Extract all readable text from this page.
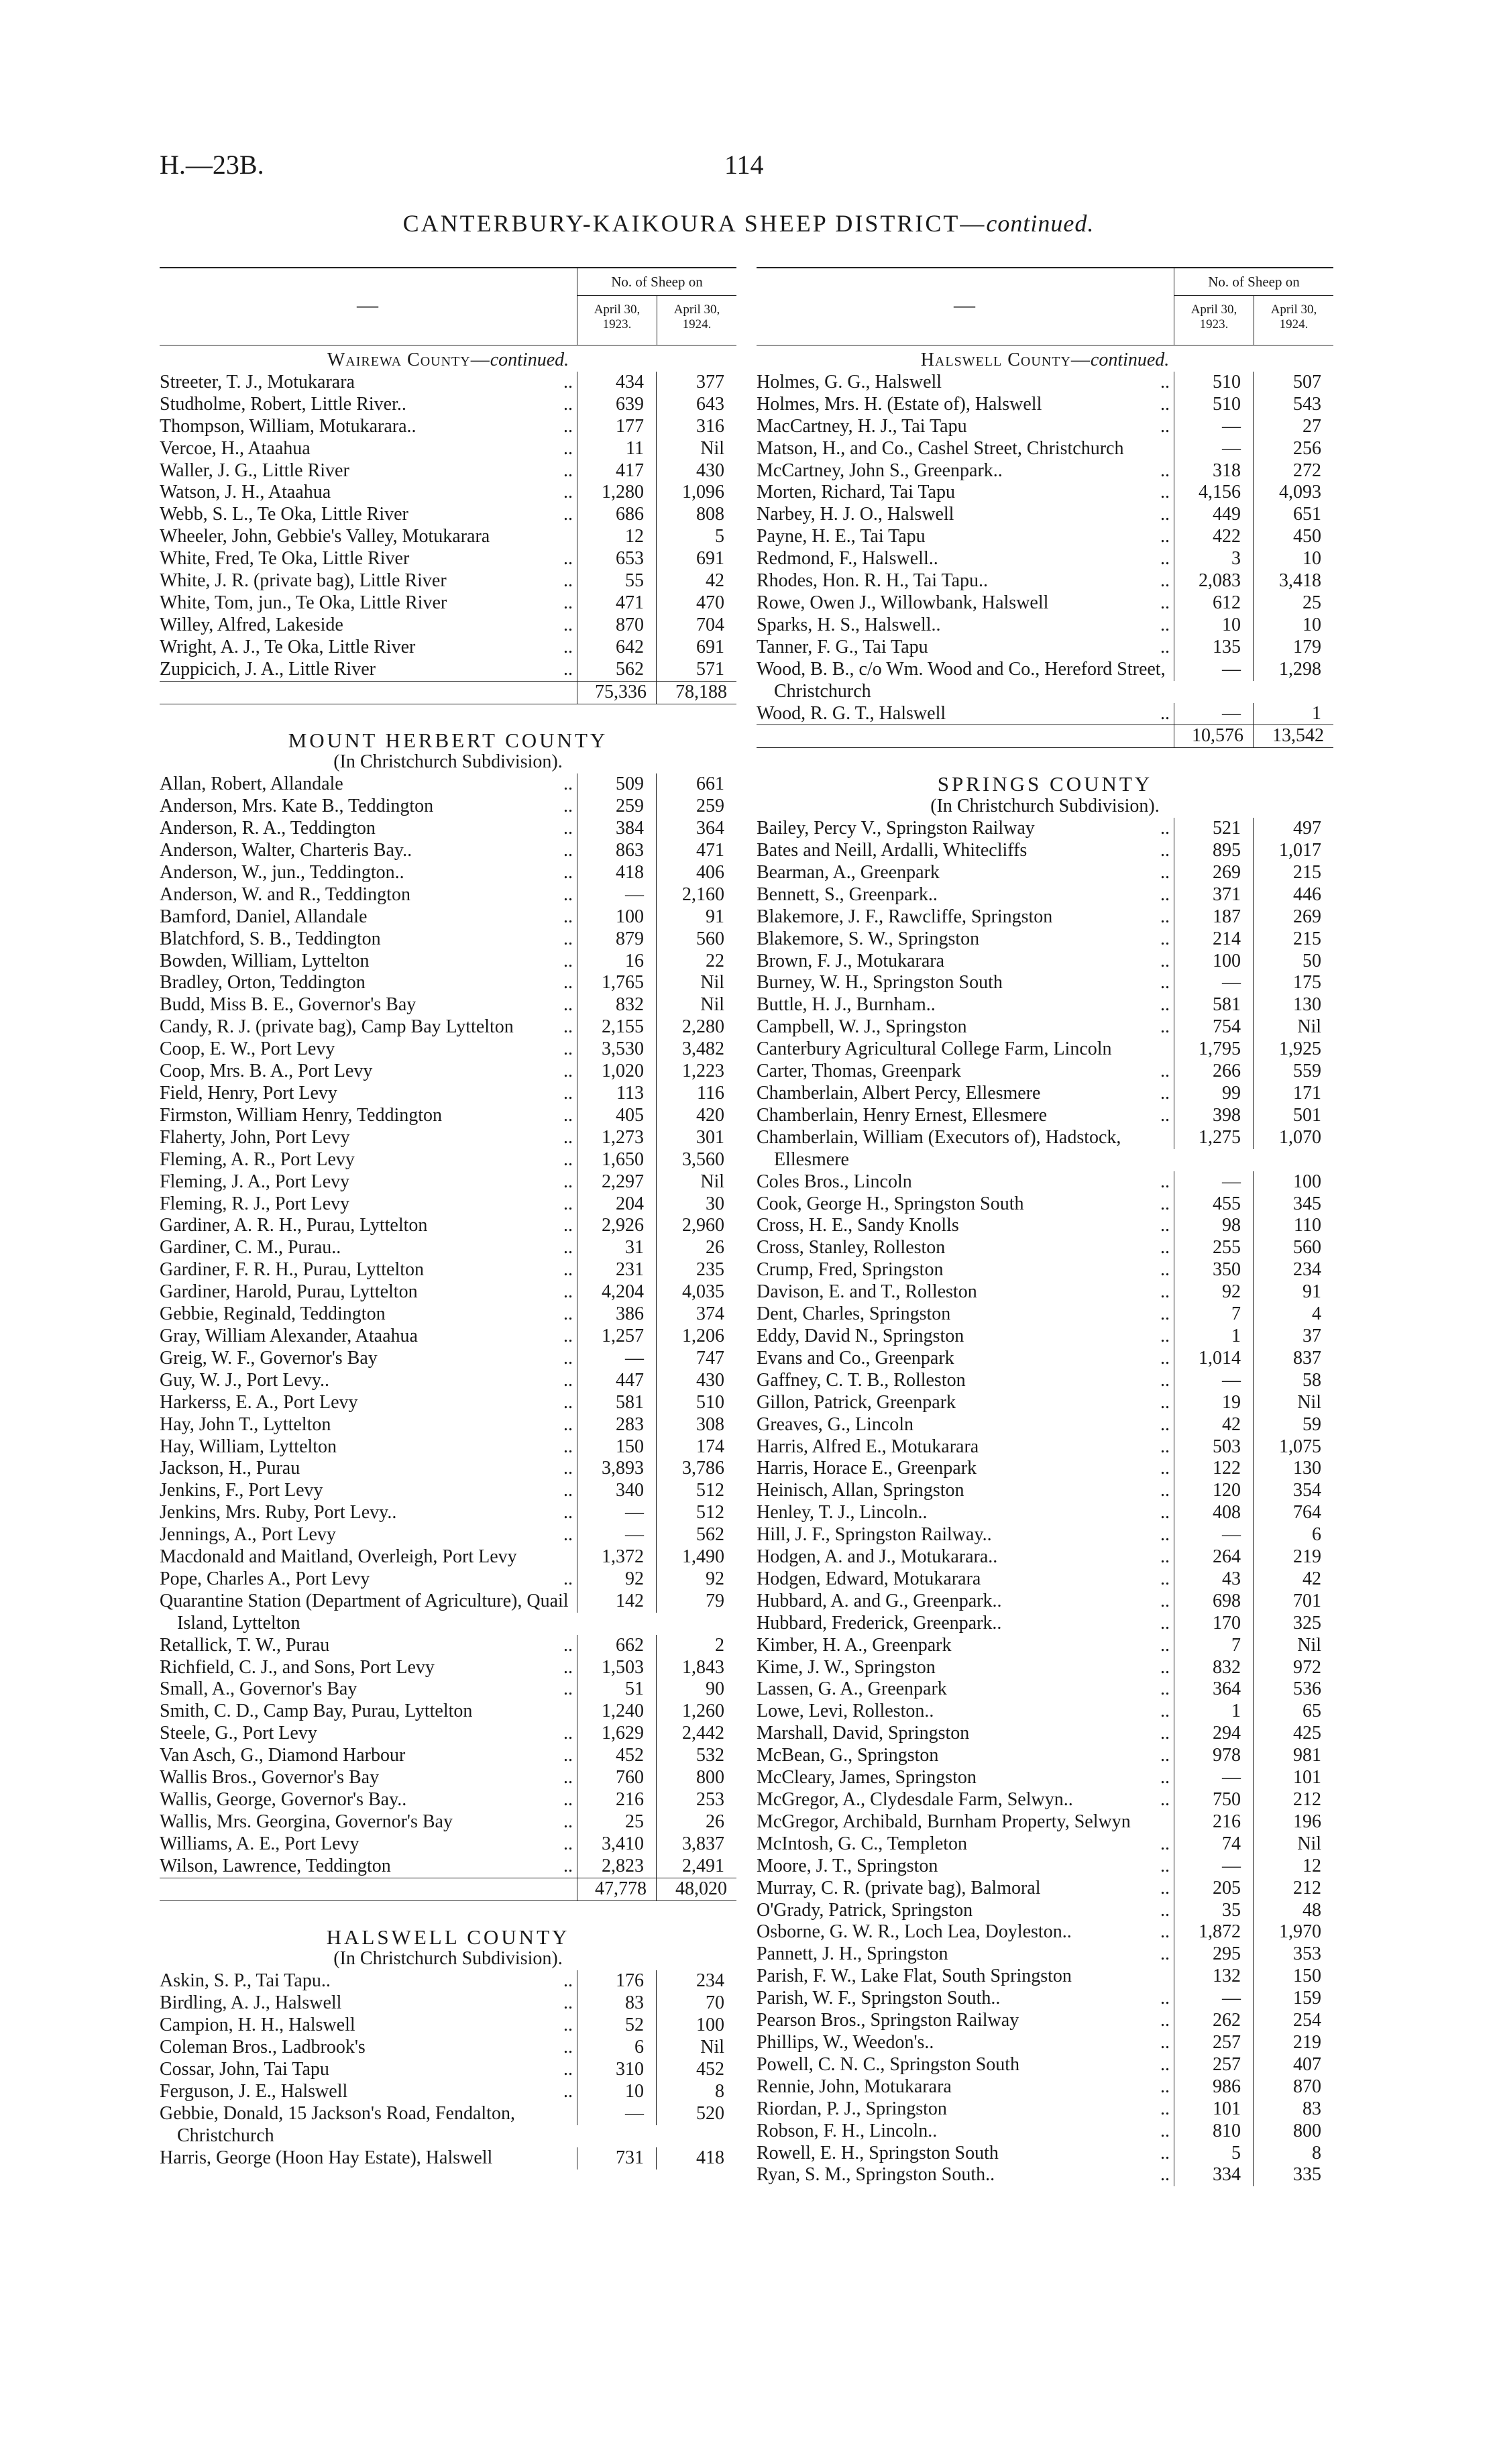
H.—23B.	114
CANTERBURY-KAIKOURA SHEEP DISTRICT—continued.
—
No. of Sheep on
April 30,
1923.
April 30,
1924.
Wairewa County—continued.
Streeter, T. J., Motukarara	..	434	377
Studholme, Robert, Little River..	..	639	643
Thompson, William, Motukarara..	..	177	316
Vercoe, H., Ataahua	..	11	Nil
Waller, J. G., Little River	..	417	430
Watson, J. H., Ataahua	..	1,280	1,096
Webb, S. L., Te Oka, Little River	..	686	808
Wheeler, John, Gebbie's Valley, Motukarara	12	5
White, Fred, Te Oka, Little River	..	653	691
White, J. R. (private bag), Little River	..	55	42
White, Tom, jun., Te Oka, Little River	..	471	470
Willey, Alfred, Lakeside	..	870	704
Wright, A. J., Te Oka, Little River	..	642	691
Zuppicich, J. A., Little River	..	562	571
75,336	78,188
MOUNT HERBERT COUNTY
(In Christchurch Subdivision).
Allan, Robert, Allandale	..	509	661
Anderson, Mrs. Kate B., Teddington	..	259	259
Anderson, R. A., Teddington	..	384	364
Anderson, Walter, Charteris Bay..	..	863	471
Anderson, W., jun., Teddington..	..	418	406
Anderson, W. and R., Teddington	..	—	2,160
Bamford, Daniel, Allandale	..	100	91
Blatchford, S. B., Teddington	..	879	560
Bowden, William, Lyttelton	..	16	22
Bradley, Orton, Teddington	..	1,765	Nil
Budd, Miss B. E., Governor's Bay	..	832	Nil
Candy, R. J. (private bag), Camp Bay Lyttelton	..	2,155	2,280
Coop, E. W., Port Levy	..	3,530	3,482
Coop, Mrs. B. A., Port Levy	..	1,020	1,223
Field, Henry, Port Levy	..	113	116
Firmston, William Henry, Teddington	..	405	420
Flaherty, John, Port Levy	..	1,273	301
Fleming, A. R., Port Levy	..	1,650	3,560
Fleming, J. A., Port Levy	..	2,297	Nil
Fleming, R. J., Port Levy	..	204	30
Gardiner, A. R. H., Purau, Lyttelton	..	2,926	2,960
Gardiner, C. M., Purau..	..	31	26
Gardiner, F. R. H., Purau, Lyttelton	..	231	235
Gardiner, Harold, Purau, Lyttelton	..	4,204	4,035
Gebbie, Reginald, Teddington	..	386	374
Gray, William Alexander, Ataahua	..	1,257	1,206
Greig, W. F., Governor's Bay	..	—	747
Guy, W. J., Port Levy..	..	447	430
Harkerss, E. A., Port Levy	..	581	510
Hay, John T., Lyttelton	..	283	308
Hay, William, Lyttelton	..	150	174
Jackson, H., Purau	..	3,893	3,786
Jenkins, F., Port Levy	..	340	512
Jenkins, Mrs. Ruby, Port Levy..	..	—	512
Jennings, A., Port Levy	..	—	562
Macdonald and Maitland, Overleigh, Port Levy	1,372	1,490
Pope, Charles A., Port Levy	..	92	92
Quarantine Station (Department of Agriculture), Quail Island, Lyttelton
142	79
Retallick, T. W., Purau	..	662	2
Richfield, C. J., and Sons, Port Levy	..	1,503	1,843
Small, A., Governor's Bay	..	51	90
Smith, C. D., Camp Bay, Purau, Lyttelton	1,240	1,260
Steele, G., Port Levy	..	1,629	2,442
Van Asch, G., Diamond Harbour	..	452	532
Wallis Bros., Governor's Bay	..	760	800
Wallis, George, Governor's Bay..	..	216	253
Wallis, Mrs. Georgina, Governor's Bay	..	25	26
Williams, A. E., Port Levy	..	3,410	3,837
Wilson, Lawrence, Teddington	..	2,823	2,491
47,778	48,020
HALSWELL COUNTY
(In Christchurch Subdivision).
Askin, S. P., Tai Tapu..	..	176	234
Birdling, A. J., Halswell	..	83	70
Campion, H. H., Halswell	..	52	100
Coleman Bros., Ladbrook's	..	6	Nil
Cossar, John, Tai Tapu	..	310	452
Ferguson, J. E., Halswell	..	10	8
Gebbie, Donald, 15 Jackson's Road, Fendalton, Christchurch
—	520
Harris, George (Hoon Hay Estate), Halswell	731	418
—
No. of Sheep on
April 30,
1923.
April 30,
1924.
Halswell County—continued.
Holmes, G. G., Halswell	..	510	507
Holmes, Mrs. H. (Estate of), Halswell	..	510	543
MacCartney, H. J., Tai Tapu	..	—	27
Matson, H., and Co., Cashel Street, Christchurch	—	256
McCartney, John S., Greenpark..	..	318	272
Morten, Richard, Tai Tapu	..	4,156	4,093
Narbey, H. J. O., Halswell	..	449	651
Payne, H. E., Tai Tapu	..	422	450
Redmond, F., Halswell..	..	3	10
Rhodes, Hon. R. H., Tai Tapu..	..	2,083	3,418
Rowe, Owen J., Willowbank, Halswell	..	612	25
Sparks, H. S., Halswell..	..	10	10
Tanner, F. G., Tai Tapu	..	135	179
Wood, B. B., c/o Wm. Wood and Co., Hereford Street, Christchurch
—	1,298
Wood, R. G. T., Halswell	..	—	1
10,576	13,542
SPRINGS COUNTY
(In Christchurch Subdivision).
Bailey, Percy V., Springston Railway	..	521	497
Bates and Neill, Ardalli, Whitecliffs	..	895	1,017
Bearman, A., Greenpark	..	269	215
Bennett, S., Greenpark..	..	371	446
Blakemore, J. F., Rawcliffe, Springston	..	187	269
Blakemore, S. W., Springston	..	214	215
Brown, F. J., Motukarara	..	100	50
Burney, W. H., Springston South	..	—	175
Buttle, H. J., Burnham..	..	581	130
Campbell, W. J., Springston	..	754	Nil
Canterbury Agricultural College Farm, Lincoln	1,795	1,925
Carter, Thomas, Greenpark	..	266	559
Chamberlain, Albert Percy, Ellesmere	..	99	171
Chamberlain, Henry Ernest, Ellesmere	..	398	501
Chamberlain, William (Executors of), Hadstock, Ellesmere
1,275	1,070
Coles Bros., Lincoln	..	—	100
Cook, George H., Springston South	..	455	345
Cross, H. E., Sandy Knolls	..	98	110
Cross, Stanley, Rolleston	..	255	560
Crump, Fred, Springston	..	350	234
Davison, E. and T., Rolleston	..	92	91
Dent, Charles, Springston	..	7	4
Eddy, David N., Springston	..	1	37
Evans and Co., Greenpark	..	1,014	837
Gaffney, C. T. B., Rolleston	..	—	58
Gillon, Patrick, Greenpark	..	19	Nil
Greaves, G., Lincoln	..	42	59
Harris, Alfred E., Motukarara	..	503	1,075
Harris, Horace E., Greenpark	..	122	130
Heinisch, Allan, Springston	..	120	354
Henley, T. J., Lincoln..	..	408	764
Hill, J. F., Springston Railway..	..	—	6
Hodgen, A. and J., Motukarara..	..	264	219
Hodgen, Edward, Motukarara	..	43	42
Hubbard, A. and G., Greenpark..	..	698	701
Hubbard, Frederick, Greenpark..	..	170	325
Kimber, H. A., Greenpark	..	7	Nil
Kime, J. W., Springston	..	832	972
Lassen, G. A., Greenpark	..	364	536
Lowe, Levi, Rolleston..	..	1	65
Marshall, David, Springston	..	294	425
McBean, G., Springston	..	978	981
McCleary, James, Springston	..	—	101
McGregor, A., Clydesdale Farm, Selwyn..	..	750	212
McGregor, Archibald, Burnham Property, Selwyn	216	196
McIntosh, G. C., Templeton	..	74	Nil
Moore, J. T., Springston	..	—	12
Murray, C. R. (private bag), Balmoral	..	205	212
O'Grady, Patrick, Springston	..	35	48
Osborne, G. W. R., Loch Lea, Doyleston..	..	1,872	1,970
Pannett, J. H., Springston	..	295	353
Parish, F. W., Lake Flat, South Springston	132	150
Parish, W. F., Springston South..	..	—	159
Pearson Bros., Springston Railway	..	262	254
Phillips, W., Weedon's..	..	257	219
Powell, C. N. C., Springston South	..	257	407
Rennie, John, Motukarara	..	986	870
Riordan, P. J., Springston	..	101	83
Robson, F. H., Lincoln..	..	810	800
Rowell, E. H., Springston South	..	5	8
Ryan, S. M., Springston South..	..	334	335
